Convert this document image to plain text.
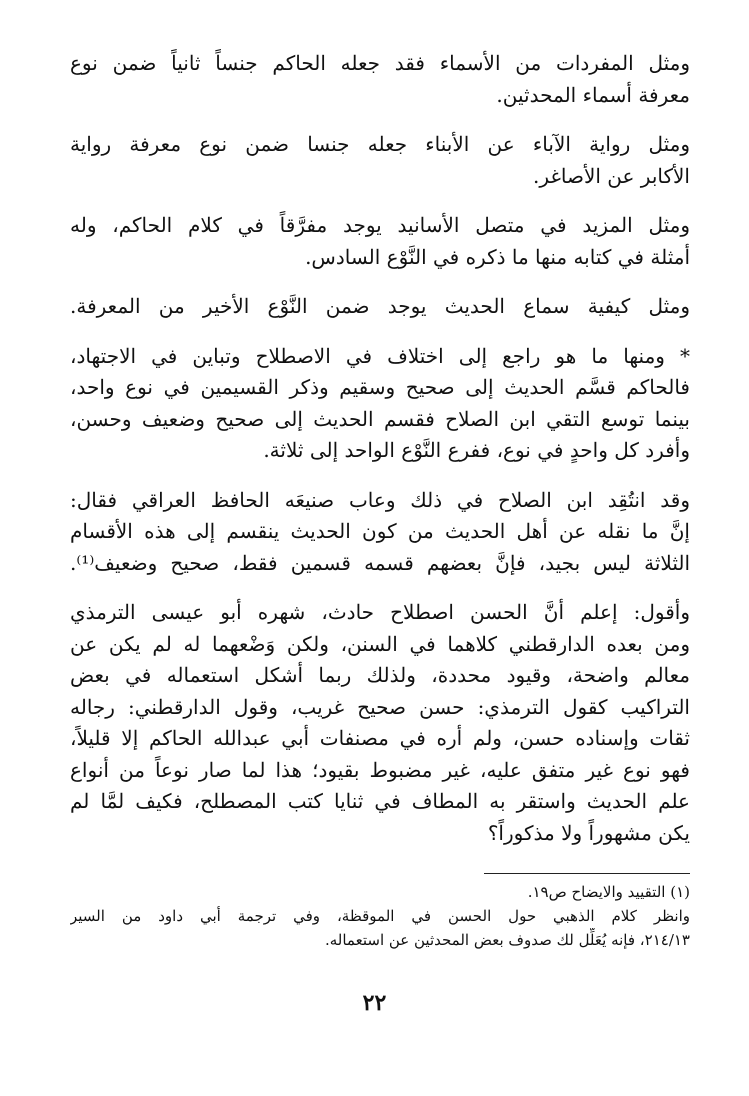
ومثل المفردات من الأسماء فقد جعله الحاكم جنساً ثانياً ضمن نوع
معرفة أسماء المحدثين.
ومثل رواية الآباء عن الأبناء جعله جنسا ضمن نوع معرفة رواية
الأكابر عن الأصاغر.
ومثل المزيد في متصل الأسانيد يوجد مفرَّقاً في كلام الحاكم، وله
أمثلة في كتابه منها ما ذكره في النَّوْع السادس.
ومثل كيفية سماع الحديث يوجد ضمن النَّوْع الأخير من المعرفة.
* ومنها ما هو راجع إلى اختلاف في الاصطلاح وتباين في الاجتهاد،
فالحاكم قسَّم الحديث إلى صحيح وسقيم وذكر القسيمين في نوع واحد،
بينما توسع التقي ابن الصلاح فقسم الحديث إلى صحيح وضعيف وحسن،
وأفرد كل واحدٍ في نوع، ففرع النَّوْع الواحد إلى ثلاثة.
وقد انتُقِد ابن الصلاح في ذلك وعاب صنيعَه الحافظ العراقي فقال:
إنَّ ما نقله عن أهل الحديث من كون الحديث ينقسم إلى هذه الأقسام
الثلاثة ليس بجيد، فإنَّ بعضهم قسمه قسمين فقط، صحيح وضعيف⁽¹⁾.
وأقول: إعلم أنَّ الحسن اصطلاح حادث، شهره أبو عيسى الترمذي
ومن بعده الدارقطني كلاهما في السنن، ولكن وَضْعهما له لم يكن عن
معالم واضحة، وقيود محددة، ولذلك ربما أشكل استعماله في بعض
التراكيب كقول الترمذي: حسن صحيح غريب، وقول الدارقطني: رجاله
ثقات وإسناده حسن، ولم أره في مصنفات أبي عبدالله الحاكم إلا قليلاً،
فهو نوع غير متفق عليه، غير مضبوط بقيود؛ هذا لما صار نوعاً من أنواع
علم الحديث واستقر به المطاف في ثنايا كتب المصطلح، فكيف لمَّا لم
يكن مشهوراً ولا مذكوراً؟
(١) التقييد والايضاح ص١٩.
وانظر كلام الذهبي حول الحسن في الموقظة، وفي ترجمة أبي داود من السير
٢١٤/١٣، فإنه يُعَلِّل لك صدوف بعض المحدثين عن استعماله.
٢٢
